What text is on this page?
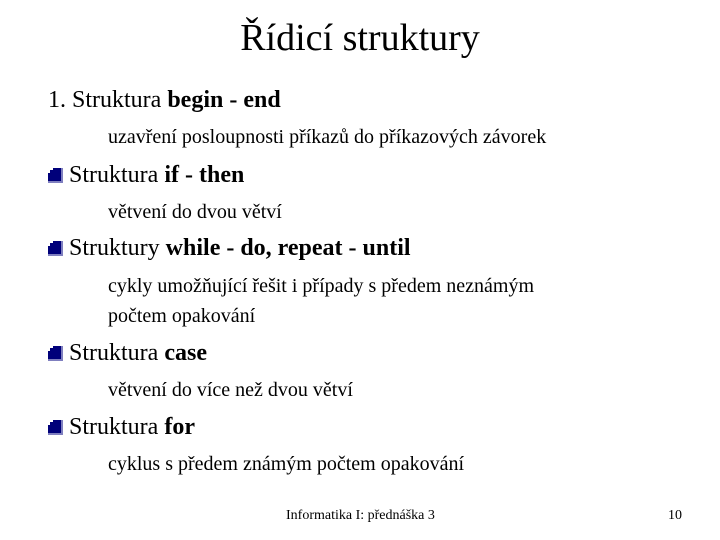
Řídicí struktury
1. Struktura begin - end
uzavření posloupnosti příkazů do příkazových závorek
Struktura if - then
větvení do dvou větví
Struktury while - do, repeat - until
cykly umožňující řešit i případy s předem neznámým
počtem opakování
Struktura case
větvení do více než dvou větví
Struktura for
cyklus s předem známým počtem opakování
Informatika I: přednáška 3	10
